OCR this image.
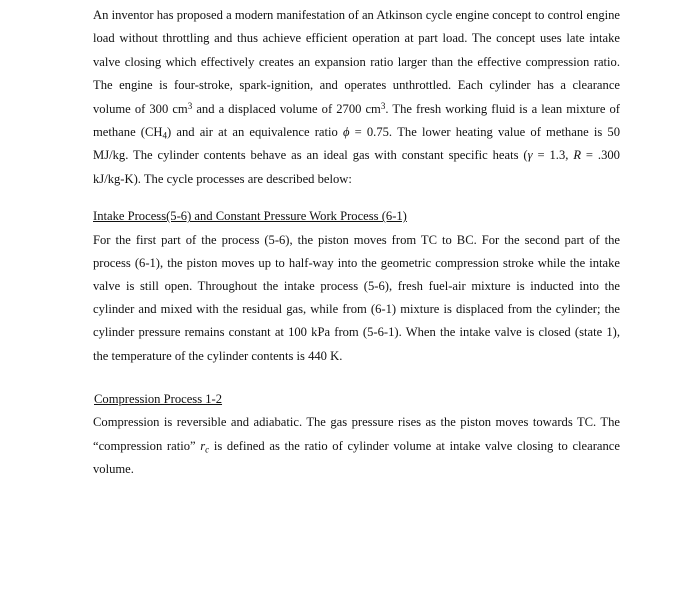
An inventor has proposed a modern manifestation of an Atkinson cycle engine concept to control engine load without throttling and thus achieve efficient operation at part load. The concept uses late intake valve closing which effectively creates an expansion ratio larger than the effective compression ratio. The engine is four-stroke, spark-ignition, and operates unthrottled. Each cylinder has a clearance volume of 300 $cm^3$ and a displaced volume of 2700 $cm^3$. The fresh working fluid is a lean mixture of methane $(CH_4)$ and air at an equivalence ratio ϕ = 0.75. The lower heating value of methane is 50 MJ/kg. The cylinder contents behave as an ideal gas with constant specific heats (γ = 1.3, R = .300 kJ/kg-K). The cycle processes are described below:

Intake Process(5-6) and Constant Pressure Work Process (6-1)

For the first part of the process (5-6), the piston moves from TC to BC. For the second part of the process (6-1), the piston moves up to half-way into the geometric compression stroke while the intake valve is still open. Throughout the intake process (5-6), fresh fuel-air mixture is inducted into the cylinder and mixed with the residual gas, while from (6-1) mixture is displaced from the cylinder; the cylinder pressure remains constant at 100 kPa from (5-6-1). When the intake valve is closed (state 1), the temperature of the cylinder contents is 440 K.

Compression Process 1-2

Compression is reversible and adiabatic. The gas pressure rises as the piston moves towards TC. The “compression ratio” $r_c$ is defined as the ratio of cylinder volume at intake valve closing to clearance volume.
